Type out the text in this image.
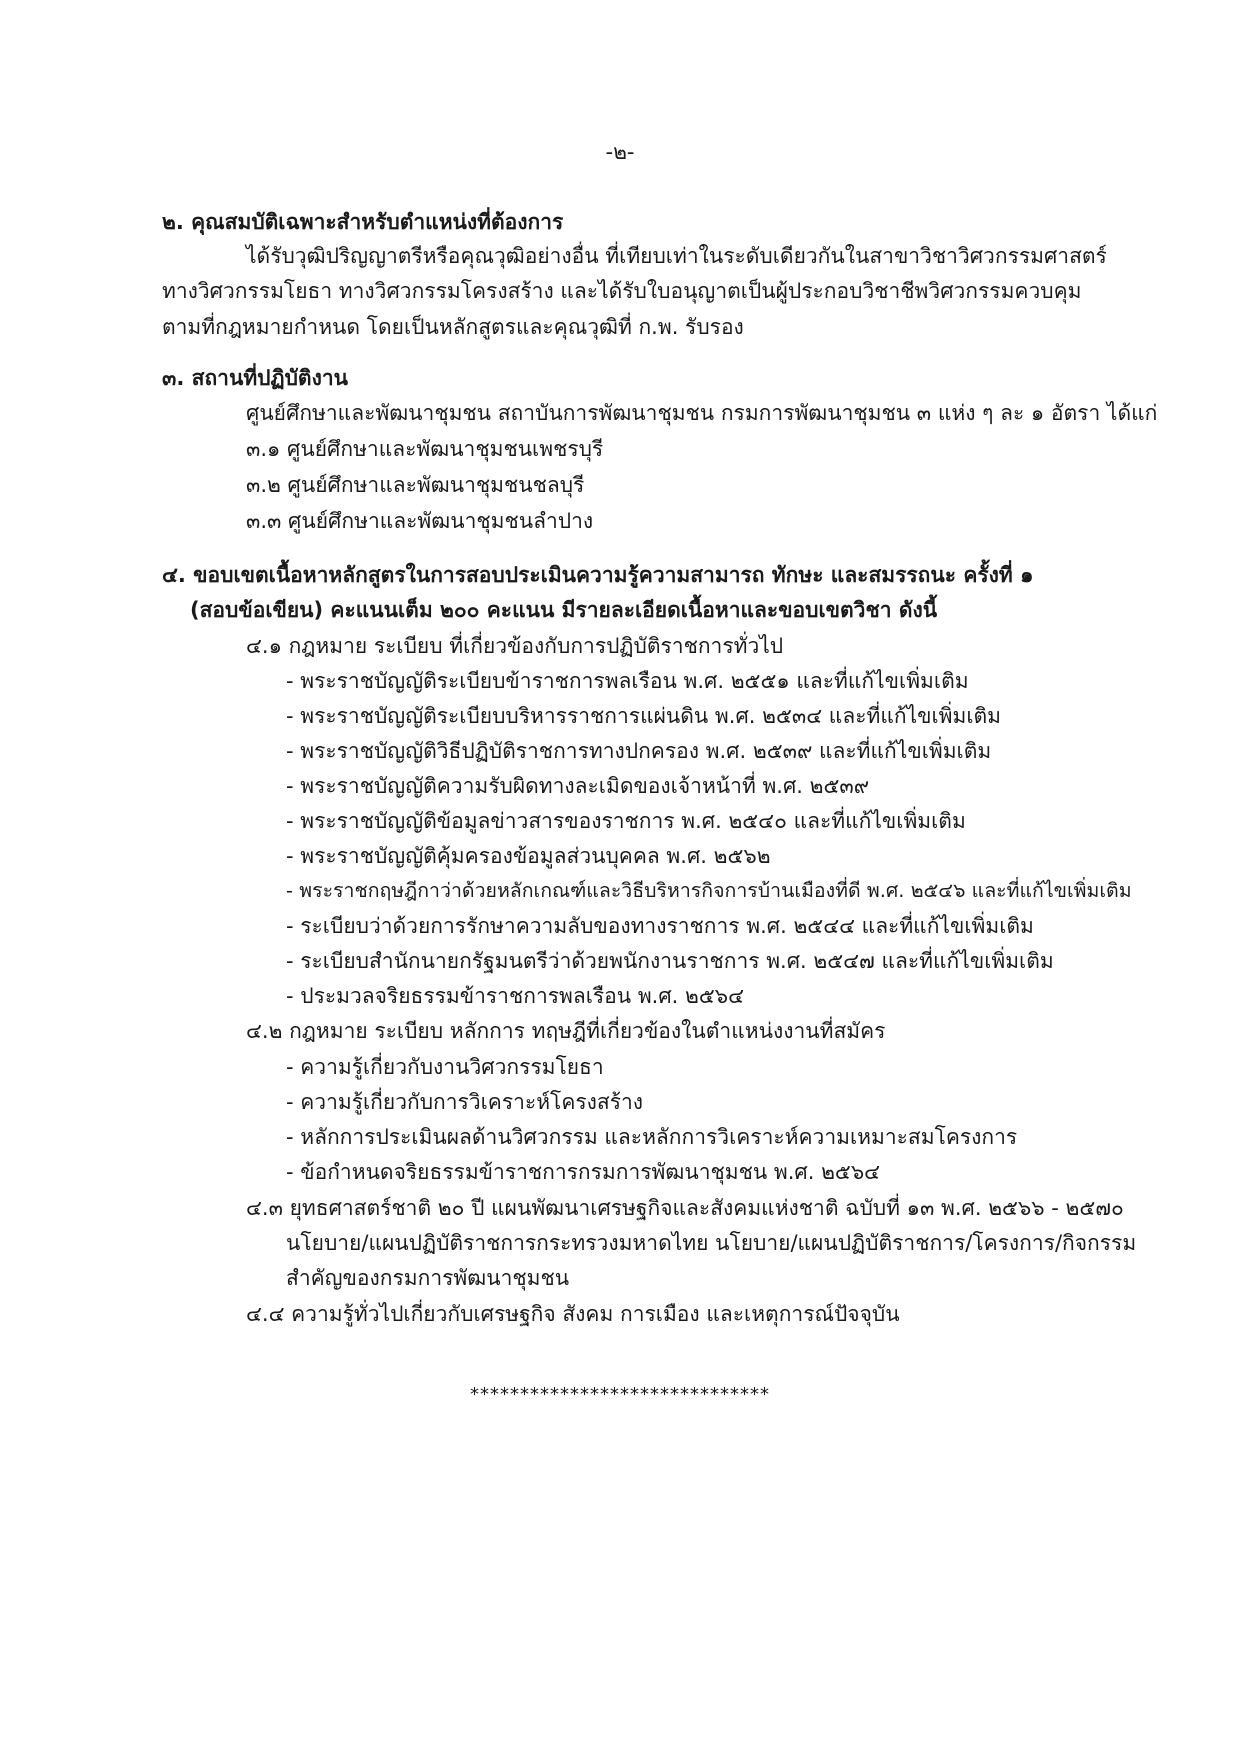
-๒-
๒. คุณสมบัติเฉพาะสำหรับตำแหน่งที่ต้องการ
ได้รับวุฒิปริญญาตรีหรือคุณวุฒิอย่างอื่น ที่เทียบเท่าในระดับเดียวกันในสาขาวิชาวิศวกรรมศาสตร์
ทางวิศวกรรมโยธา ทางวิศวกรรมโครงสร้าง และได้รับใบอนุญาตเป็นผู้ประกอบวิชาชีพวิศวกรรมควบคุม
ตามที่กฎหมายกำหนด โดยเป็นหลักสูตรและคุณวุฒิที่ ก.พ. รับรอง
๓. สถานที่ปฏิบัติงาน
ศูนย์ศึกษาและพัฒนาชุมชน สถาบันการพัฒนาชุมชน กรมการพัฒนาชุมชน ๓ แห่ง ๆ ละ ๑ อัตรา ได้แก่
๓.๑ ศูนย์ศึกษาและพัฒนาชุมชนเพชรบุรี
๓.๒ ศูนย์ศึกษาและพัฒนาชุมชนชลบุรี
๓.๓ ศูนย์ศึกษาและพัฒนาชุมชนลำปาง
๔. ขอบเขตเนื้อหาหลักสูตรในการสอบประเมินความรู้ความสามารถ ทักษะ และสมรรถนะ ครั้งที่ ๑
(สอบข้อเขียน) คะแนนเต็ม ๒๐๐ คะแนน มีรายละเอียดเนื้อหาและขอบเขตวิชา ดังนี้
๔.๑ กฎหมาย ระเบียบ ที่เกี่ยวข้องกับการปฏิบัติราชการทั่วไป
- พระราชบัญญัติระเบียบข้าราชการพลเรือน พ.ศ. ๒๕๕๑ และที่แก้ไขเพิ่มเติม
- พระราชบัญญัติระเบียบบริหารราชการแผ่นดิน พ.ศ. ๒๕๓๔ และที่แก้ไขเพิ่มเติม
- พระราชบัญญัติวิธีปฏิบัติราชการทางปกครอง พ.ศ. ๒๕๓๙ และที่แก้ไขเพิ่มเติม
- พระราชบัญญัติความรับผิดทางละเมิดของเจ้าหน้าที่ พ.ศ. ๒๕๓๙
- พระราชบัญญัติข้อมูลข่าวสารของราชการ พ.ศ. ๒๕๔๐ และที่แก้ไขเพิ่มเติม
- พระราชบัญญัติคุ้มครองข้อมูลส่วนบุคคล พ.ศ. ๒๕๖๒
- พระราชกฤษฎีกาว่าด้วยหลักเกณฑ์และวิธีบริหารกิจการบ้านเมืองที่ดี พ.ศ. ๒๕๔๖ และที่แก้ไขเพิ่มเติม
- ระเบียบว่าด้วยการรักษาความลับของทางราชการ พ.ศ. ๒๕๔๔ และที่แก้ไขเพิ่มเติม
- ระเบียบสำนักนายกรัฐมนตรีว่าด้วยพนักงานราชการ พ.ศ. ๒๕๔๗ และที่แก้ไขเพิ่มเติม
- ประมวลจริยธรรมข้าราชการพลเรือน พ.ศ. ๒๕๖๔
๔.๒ กฎหมาย ระเบียบ หลักการ ทฤษฎีที่เกี่ยวข้องในตำแหน่งงานที่สมัคร
- ความรู้เกี่ยวกับงานวิศวกรรมโยธา
- ความรู้เกี่ยวกับการวิเคราะห์โครงสร้าง
- หลักการประเมินผลด้านวิศวกรรม และหลักการวิเคราะห์ความเหมาะสมโครงการ
- ข้อกำหนดจริยธรรมข้าราชการกรมการพัฒนาชุมชน พ.ศ. ๒๕๖๔
๔.๓ ยุทธศาสตร์ชาติ ๒๐ ปี แผนพัฒนาเศรษฐกิจและสังคมแห่งชาติ ฉบับที่ ๑๓ พ.ศ. ๒๕๖๖ - ๒๕๗๐
นโยบาย/แผนปฏิบัติราชการกระทรวงมหาดไทย นโยบาย/แผนปฏิบัติราชการ/โครงการ/กิจกรรม
สำคัญของกรมการพัฒนาชุมชน
๔.๔ ความรู้ทั่วไปเกี่ยวกับเศรษฐกิจ สังคม การเมือง และเหตุการณ์ปัจจุบัน
******************************
